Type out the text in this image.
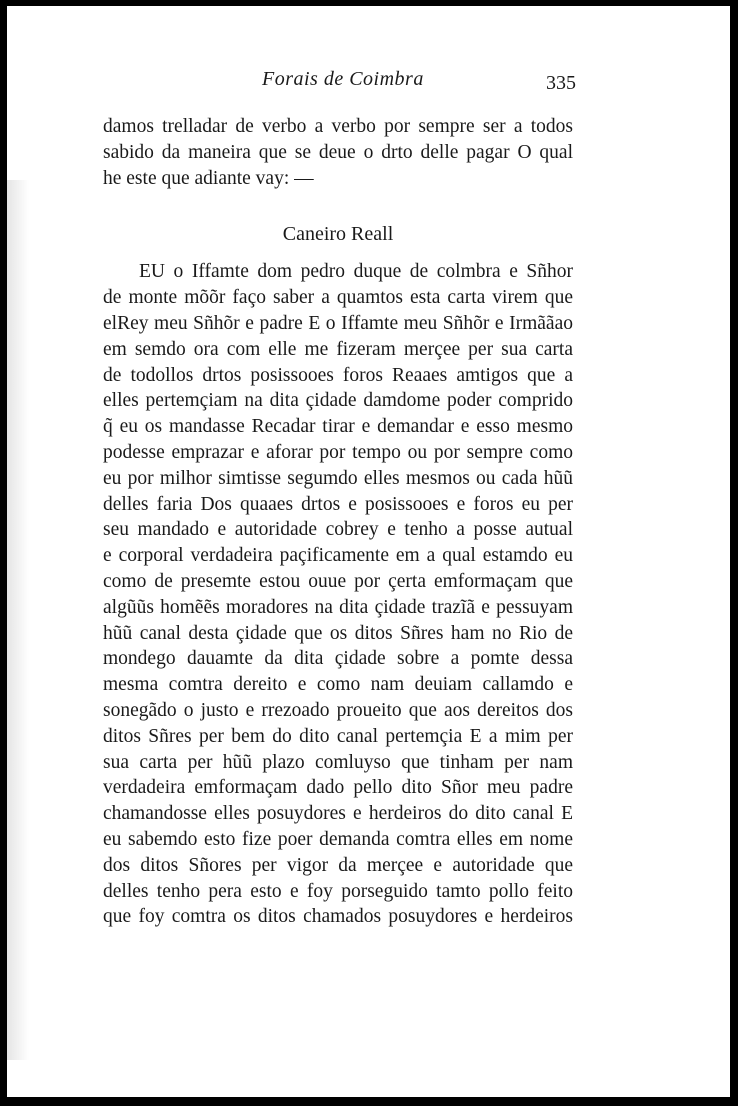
Forais de Coimbra	335
damos trelladar de verbo a verbo por sempre ser a todos
sabido da maneira que se deue o drto delle pagar O qual
he este que adiante vay: —
Caneiro Reall
EU o Iffamte dom pedro duque de colmbra e Sñhor
de monte mõõr faço saber a quamtos esta carta virem que
elRey meu Sñhõr e padre E o Iffamte meu Sñhõr e Irmããao
em semdo ora com elle me fizeram merçee per sua carta
de todollos drtos posissooes foros Reaaes amtigos que a
elles pertemçiam na dita çidade damdome poder comprido
q̃ eu os mandasse Recadar tirar e demandar e esso mesmo
podesse emprazar e aforar por tempo ou por sempre como
eu por milhor simtisse segumdo elles mesmos ou cada hũũ
delles faria Dos quaaes drtos e posissooes e foros eu per
seu mandado e autoridade cobrey e tenho a posse autual
e corporal verdadeira paçificamente em a qual estamdo eu
como de presemte estou ouue por çerta emformaçam que
algũũs homẽẽs moradores na dita çidade trazĩã e pessuyam
hũũ canal desta çidade que os ditos Sñres ham no Rio de
mondego dauamte da dita çidade sobre a pomte dessa
mesma comtra dereito e como nam deuiam callamdo e
sonegãdo o justo e rrezoado proueito que aos dereitos dos
ditos Sñres per bem do dito canal pertemçia E a mim per
sua carta per hũũ plazo comluyso que tinham per nam
verdadeira emformaçam dado pello dito Sñor meu padre
chamandosse elles posuydores e herdeiros do dito canal E
eu sabemdo esto fize poer demanda comtra elles em nome
dos ditos Sñores per vigor da merçee e autoridade que
delles tenho pera esto e foy porseguido tamto pollo feito
que foy comtra os ditos chamados posuydores e herdeiros
